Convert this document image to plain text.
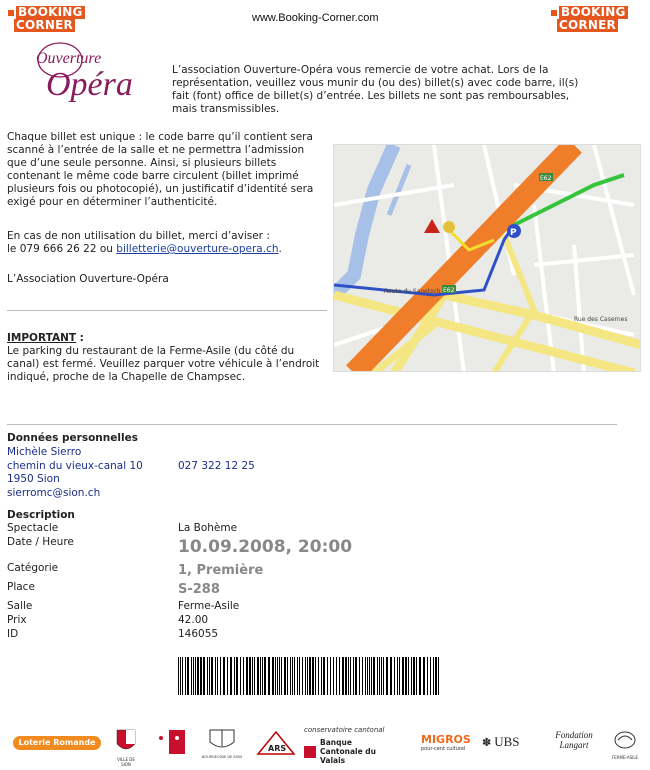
BOOKING
CORNER	www.Booking-Corner.com	BOOKING
CORNER
Ouverture
Opéra	L’association Ouverture-Opéra vous remercie de votre achat. Lors de la représentation, veuillez vous munir du (ou des) billet(s) avec code barre, il(s) fait (font) office de billet(s) d’entrée. Les billets ne sont pas remboursables, mais transmissibles.
Chaque billet est unique : le code barre qu’il contient sera scanné à l’entrée de la salle et ne permettra l’admission que d’une seule personne. Ainsi, si plusieurs billets contenant le même code barre circulent (billet imprimé plusieurs fois ou photocopié), un justificatif d’identité sera exigé pour en déterminer l’authenticité.
En cas de non utilisation du billet, merci d’aviser :
le 079 666 26 22 ou billetterie@ouverture-opera.ch.
L’Association Ouverture-Opéra
IMPORTANT :
Le parking du restaurant de la Ferme-Asile (du côté du canal) est fermé. Veuillez parquer votre véhicule à l’endroit indiqué, proche de la Chapelle de Champsec.
P
E62
E62
Rue des Casernes
Route du Sanetsch
Données personnelles
Michèle Sierro
chemin du vieux-canal 10	027 322 12 25
1950 Sion
sierromc@sion.ch
Description
Spectacle	La Bohème
Date / Heure	10.09.2008, 20:00
Catégorie	1, Première
Place	S-288
Salle	Ferme-Asile
Prix	42.00
ID	146055
Loterie Romande
VILLE DE SION
BOURGEOISIE DE SION
ARS
conservatoire cantonal
Banque Cantonale du Valais
MIGROS
pour-cent culturel
✽ UBS	Fondation Langart
FERME-ASILE
